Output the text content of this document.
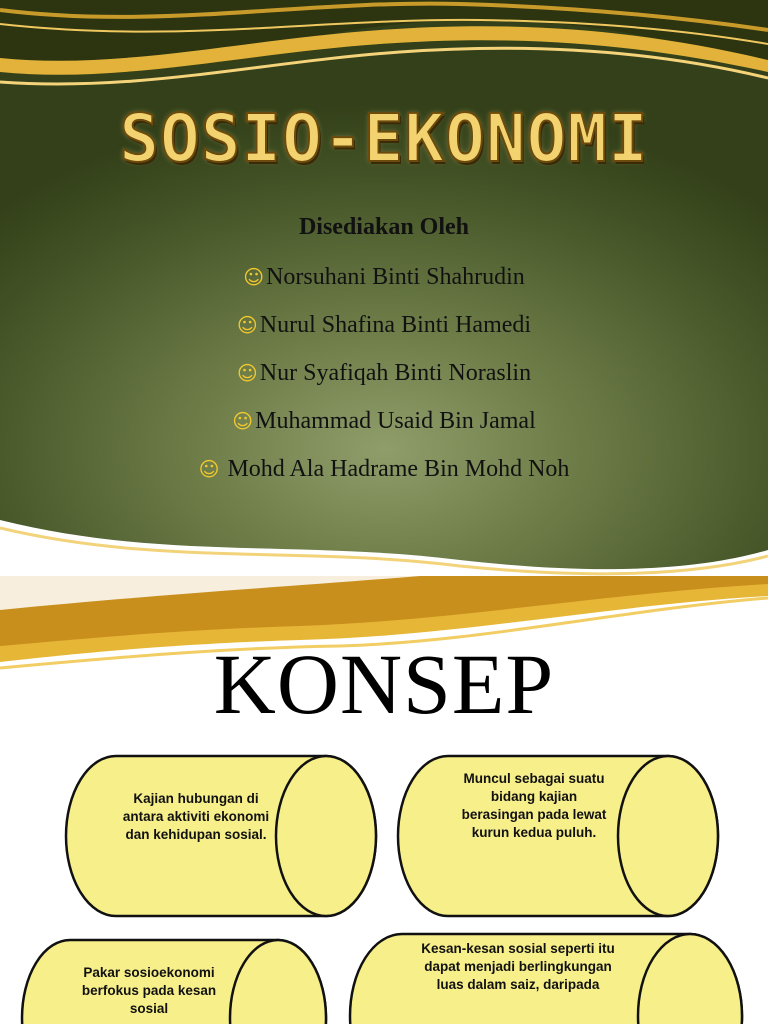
SOSIO-EKONOMI
Disediakan Oleh
☺Norsuhani Binti Shahrudin
☺Nurul Shafina Binti Hamedi
☺Nur Syafiqah Binti Noraslin
☺Muhammad Usaid Bin Jamal
☺ Mohd Ala Hadrame Bin Mohd Noh
KONSEP
Kajian hubungan di antara aktiviti ekonomi dan kehidupan sosial.
Muncul sebagai suatu bidang kajian berasingan pada lewat kurun kedua puluh.
Pakar sosioekonomi berfokus pada kesan sosial
Kesan-kesan sosial seperti itu dapat menjadi berlingkungan luas dalam saiz, daripada
